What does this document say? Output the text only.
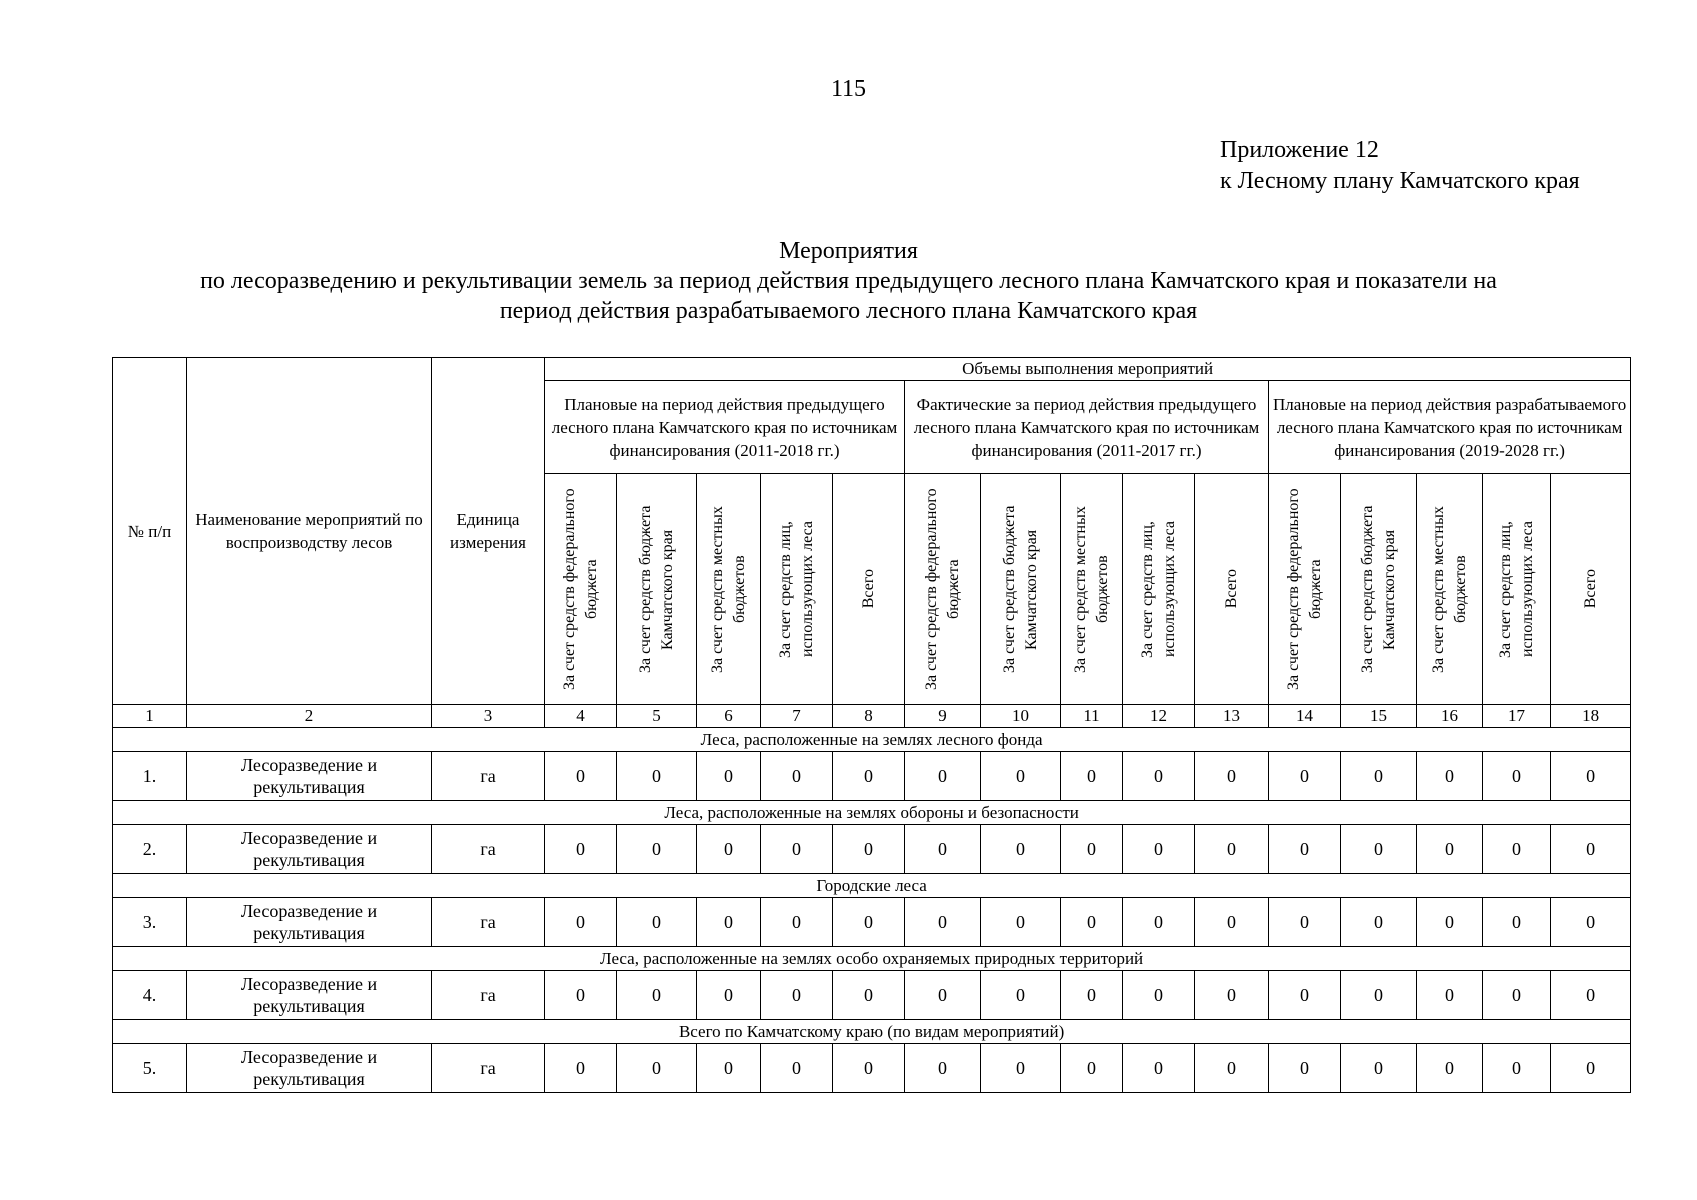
115
Приложение 12
к Лесному плану Камчатского края
Мероприятия
по лесоразведению и рекультивации земель за период действия предыдущего лесного плана Камчатского края и показатели на
период действия разрабатываемого лесного плана Камчатского края
№ п/п	Наименование мероприятий по воспроизводству лесов	Единица измерения	Объемы выполнения мероприятий														

			Плановые на период действия предыдущего лесного плана Камчатского края по источникам финансирования (2011-2018 гг.)					Фактические за период действия предыдущего лесного плана Камчатского края по источникам финансирования (2011-2017 гг.)					Плановые на период действия разрабатываемого лесного плана Камчатского края по источникам финансирования (2019-2028 гг.)				

			За счет средств федерального бюджета	За счет средств бюджета Камчатского края	За счет средств местных бюджетов	За счет средств лиц, использующих леса	Всего	За счет средств федерального бюджета	За счет средств бюджета Камчатского края	За счет средств местных бюджетов	За счет средств лиц, использующих леса	Всего	За счет средств федерального бюджета	За счет средств бюджета Камчатского края	За счет средств местных бюджетов	За счет средств лиц, использующих леса	Всего

1	2	3	4	5	6	7	8	9	10	11	12	13	14	15	16	17	18
Леса, расположенные на землях лесного фонда																	
1.	Лесоразведение и рекультивация	га	0	0	0	0	0	0	0	0	0	0	0	0	0	0	0
Леса, расположенные на землях обороны и безопасности																	
2.	Лесоразведение и рекультивация	га	0	0	0	0	0	0	0	0	0	0	0	0	0	0	0
Городские леса																	
3.	Лесоразведение и рекультивация	га	0	0	0	0	0	0	0	0	0	0	0	0	0	0	0
Леса, расположенные на землях особо охраняемых природных территорий																	
4.	Лесоразведение и рекультивация	га	0	0	0	0	0	0	0	0	0	0	0	0	0	0	0
Всего по Камчатскому краю (по видам мероприятий)																	
5.	Лесоразведение и рекультивация	га	0	0	0	0	0	0	0	0	0	0	0	0	0	0	0
